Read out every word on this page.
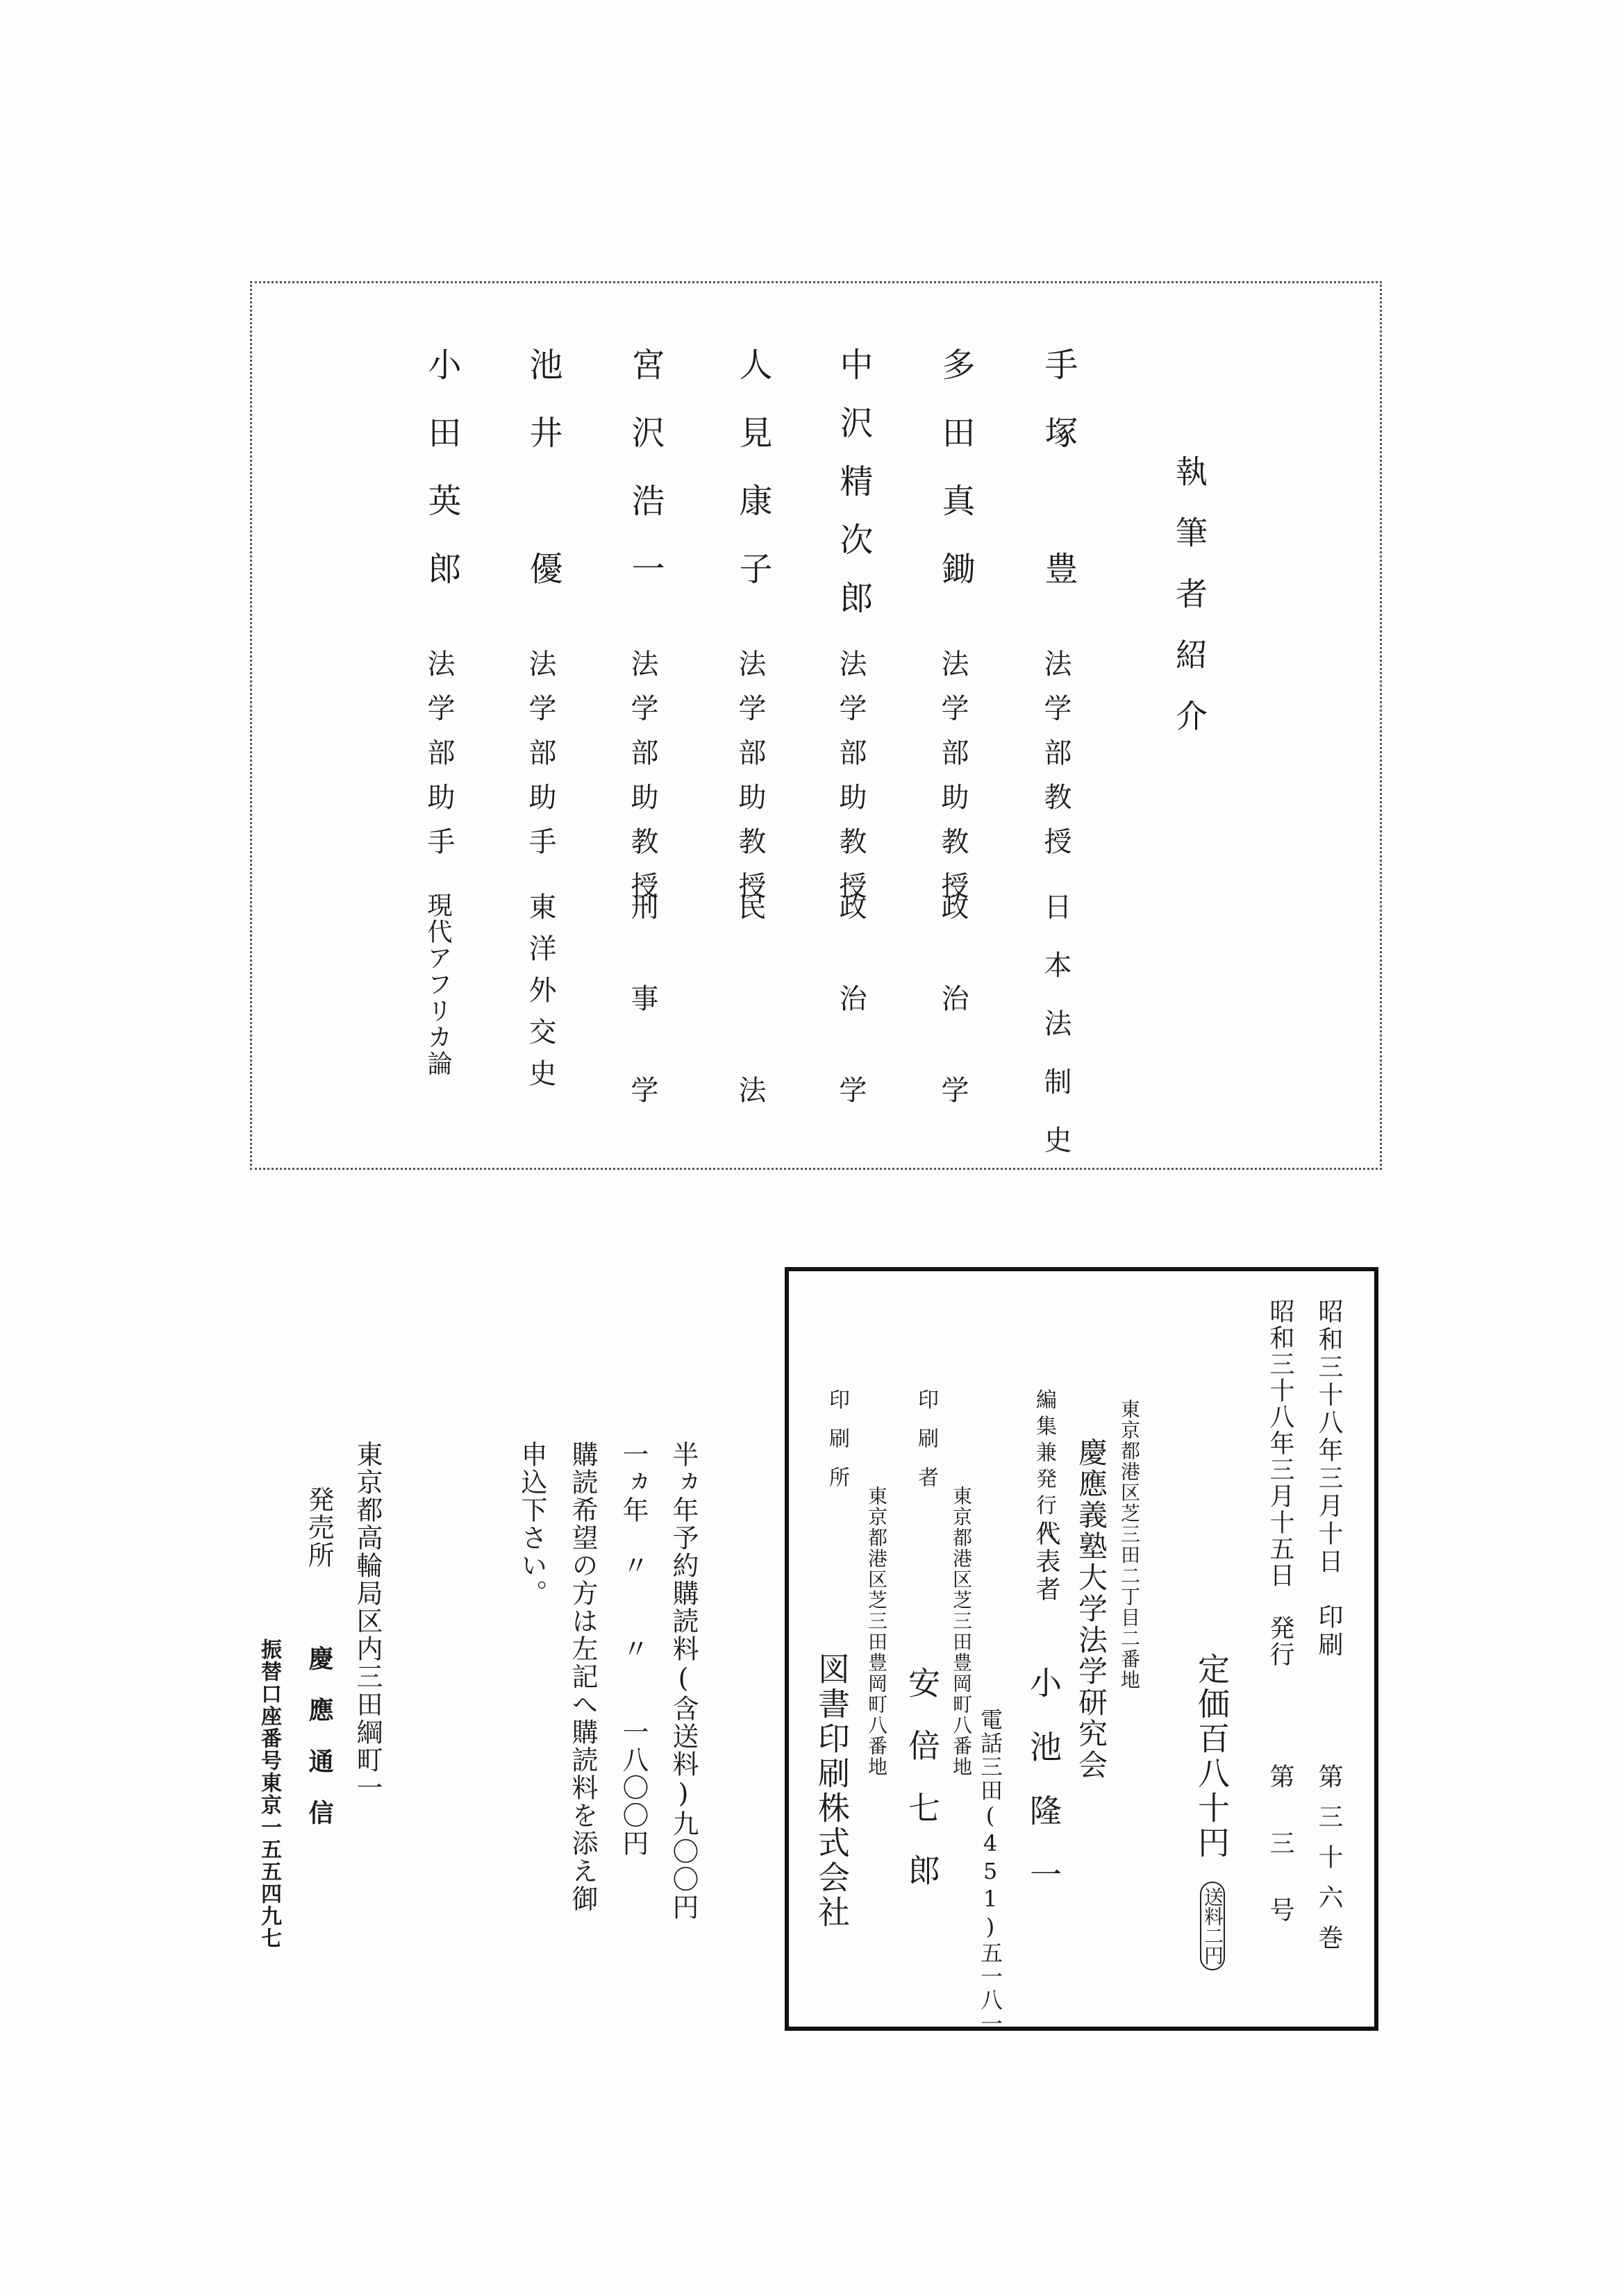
執筆者紹介
手塚　豊
法学部教授
日本法制史
多田真鋤
法学部助教授
政治学
中沢精次郎
法学部助教授
政治学
人見康子
法学部助教授
民　法
宮沢浩一
法学部助教授
刑事学
池井　優
法学部助手
東洋外交史
小田英郎
法学部助手
現代アフリカ論
昭和三十八年三月十日　印刷
第三十六巻
昭和三十八年三月十五日　発行
第　三　号
定価百八十円
送料二円
東京都港区芝三田二丁目二番地
慶應義塾大学法学研究会
編集兼発行人
代表者
小池隆一
電話三田(451)五一八一
印刷者
東京都港区芝三田豊岡町八番地
安倍七郎
印刷所
東京都港区芝三田豊岡町八番地
図書印刷株式会社
半ヵ年予約購読料(含送料)九〇〇円
一ヵ年　〃　　〃　　一八〇〇円
購読希望の方は左記へ購読料を添え御
申込下さい。
東京都高輪局区内三田綱町一
発売所
慶應通信
振替口座番号東京一五五四九七
